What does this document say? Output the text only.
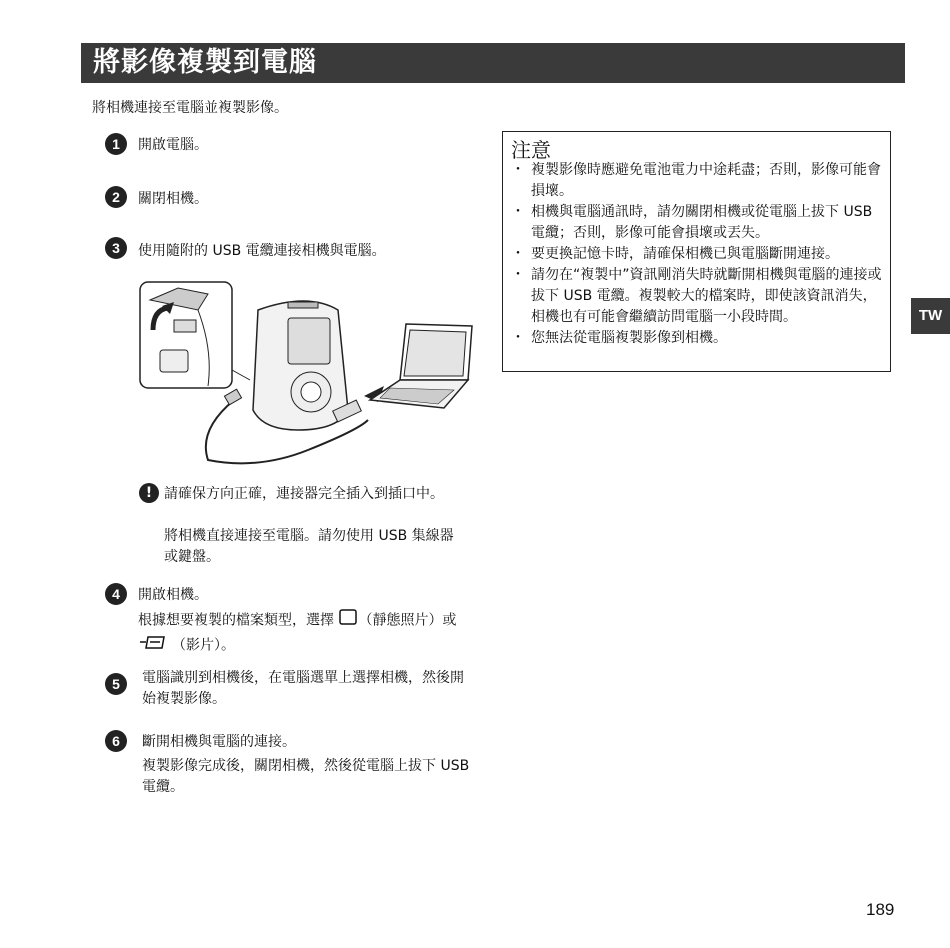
將影像複製到電腦
將相機連接至電腦並複製影像。
1	開啟電腦。
2	關閉相機。
3	使用隨附的 USB 電纜連接相機與電腦。
! 請確保方向正確，連接器完全插入到插口中。
將相機直接連接至電腦。請勿使用 USB 集線器或鍵盤。
4	開啟相機。
根據想要複製的檔案類型，選擇 （靜態照片）或 （影片）。
5	電腦識別到相機後，在電腦選單上選擇相機，然後開始複製影像。
6	斷開相機與電腦的連接。
複製影像完成後，關閉相機，然後從電腦上拔下 USB 電纜。
注意
・ 複製影像時應避免電池電力中途耗盡；否則，影像可能會損壞。
・ 相機與電腦通訊時，請勿關閉相機或從電腦上拔下 USB 電纜；否則，影像可能會損壞或丟失。
・ 要更換記憶卡時，請確保相機已與電腦斷開連接。
・ 請勿在“複製中”資訊剛消失時就斷開相機與電腦的連接或拔下 USB 電纜。複製較大的檔案時，即使該資訊消失，相機也有可能會繼續訪問電腦一小段時間。
・ 您無法從電腦複製影像到相機。
TW
189
